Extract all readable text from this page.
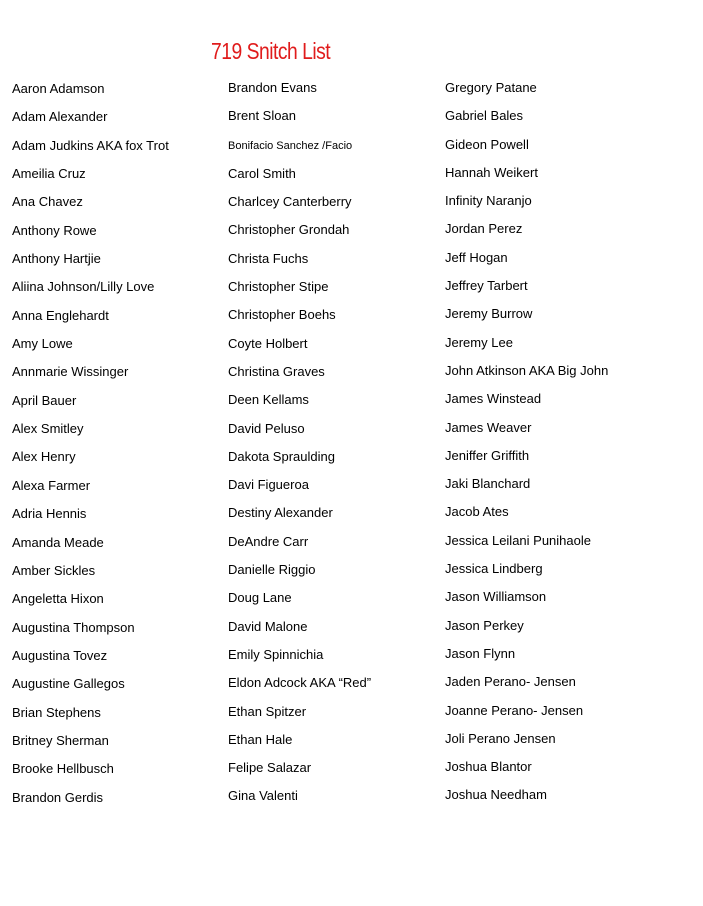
719 Snitch List
Aaron Adamson
Adam Alexander
Adam Judkins AKA fox Trot
Ameilia Cruz
Ana Chavez
Anthony Rowe
Anthony Hartjie
Aliina Johnson/Lilly Love
Anna Englehardt
Amy Lowe
Annmarie Wissinger
April Bauer
Alex Smitley
Alex Henry
Alexa Farmer
Adria Hennis
Amanda Meade
Amber Sickles
Angeletta Hixon
Augustina Thompson
Augustina Tovez
Augustine Gallegos
Brian Stephens
Britney Sherman
Brooke Hellbusch
Brandon Gerdis
Brandon Evans
Brent Sloan
Bonifacio Sanchez /Facio
Carol Smith
Charlcey Canterberry
Christopher Grondah
Christa Fuchs
Christopher Stipe
Christopher Boehs
Coyte Holbert
Christina Graves
Deen Kellams
David Peluso
Dakota Spraulding
Davi Figueroa
Destiny Alexander
DeAndre Carr
Danielle Riggio
Doug Lane
David Malone
Emily Spinnichia
Eldon Adcock AKA “Red”
Ethan Spitzer
Ethan Hale
Felipe Salazar
Gina Valenti
Gregory Patane
Gabriel Bales
Gideon Powell
Hannah Weikert
Infinity Naranjo
Jordan Perez
Jeff Hogan
Jeffrey Tarbert
Jeremy Burrow
Jeremy Lee
John Atkinson AKA Big John
James Winstead
James Weaver
Jeniffer Griffith
Jaki Blanchard
Jacob Ates
Jessica Leilani Punihaole
Jessica Lindberg
Jason Williamson
Jason Perkey
Jason Flynn
Jaden Perano- Jensen
Joanne Perano- Jensen
Joli Perano Jensen
Joshua Blantor
Joshua Needham
